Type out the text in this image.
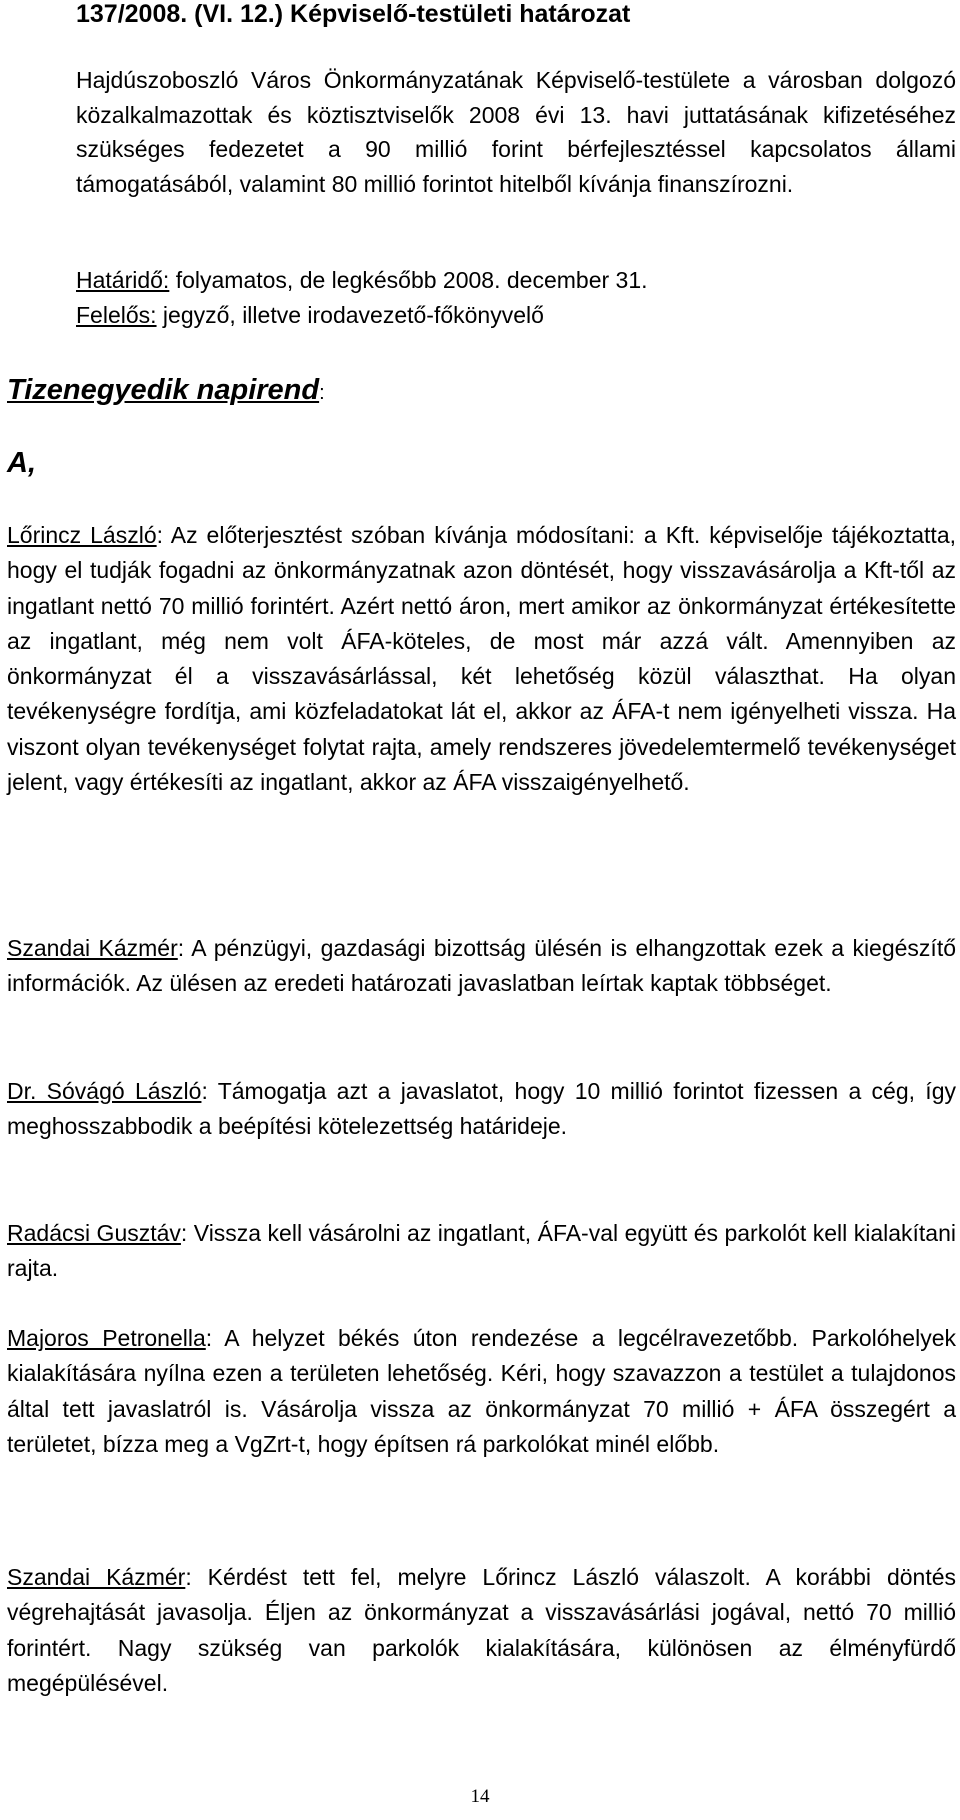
137/2008. (VI. 12.) Képviselő-testületi határozat
Hajdúszoboszló Város Önkormányzatának Képviselő-testülete a városban dolgozó közalkalmazottak és köztisztviselők 2008 évi 13. havi juttatásának kifizetéséhez szükséges fedezetet a 90 millió forint bérfejlesztéssel kapcsolatos állami támogatásából, valamint 80 millió forintot hitelből kívánja finanszírozni.
Határidő: folyamatos, de legkésőbb 2008. december 31.
Felelős: jegyző, illetve irodavezető-főkönyvelő
Tizenegyedik napirend:
A,
Lőrincz László: Az előterjesztést szóban kívánja módosítani: a Kft. képviselője tájékoztatta, hogy el tudják fogadni az önkormányzatnak azon döntését, hogy visszavásárolja a Kft-től az ingatlant nettó 70 millió forintért. Azért nettó áron, mert amikor az önkormányzat értékesítette az ingatlant, még nem volt ÁFA-köteles, de most már azzá vált. Amennyiben az önkormányzat él a visszavásárlással, két lehetőség közül választhat. Ha olyan tevékenységre fordítja, ami közfeladatokat lát el, akkor az ÁFA-t nem igényelheti vissza. Ha viszont olyan tevékenységet folytat rajta, amely rendszeres jövedelemtermelő tevékenységet jelent, vagy értékesíti az ingatlant, akkor az ÁFA visszaigényelhető.
Szandai Kázmér: A pénzügyi, gazdasági bizottság ülésén is elhangzottak ezek a kiegészítő információk. Az ülésen az eredeti határozati javaslatban leírtak kaptak többséget.
Dr. Sóvágó László: Támogatja azt a javaslatot, hogy 10 millió forintot fizessen a cég, így meghosszabbodik a beépítési kötelezettség határideje.
Radácsi Gusztáv: Vissza kell vásárolni az ingatlant, ÁFA-val együtt és parkolót kell kialakítani rajta.
Majoros Petronella: A helyzet békés úton rendezése a legcélravezetőbb. Parkolóhelyek kialakítására nyílna ezen a területen lehetőség. Kéri, hogy szavazzon a testület a tulajdonos által tett javaslatról is. Vásárolja vissza az önkormányzat 70 millió + ÁFA összegért a területet, bízza meg a VgZrt-t, hogy építsen rá parkolókat minél előbb.
Szandai Kázmér: Kérdést tett fel, melyre Lőrincz László válaszolt. A korábbi döntés végrehajtását javasolja. Éljen az önkormányzat a visszavásárlási jogával, nettó 70 millió forintért. Nagy szükség van parkolók kialakítására, különösen az élményfürdő megépülésével.
14
